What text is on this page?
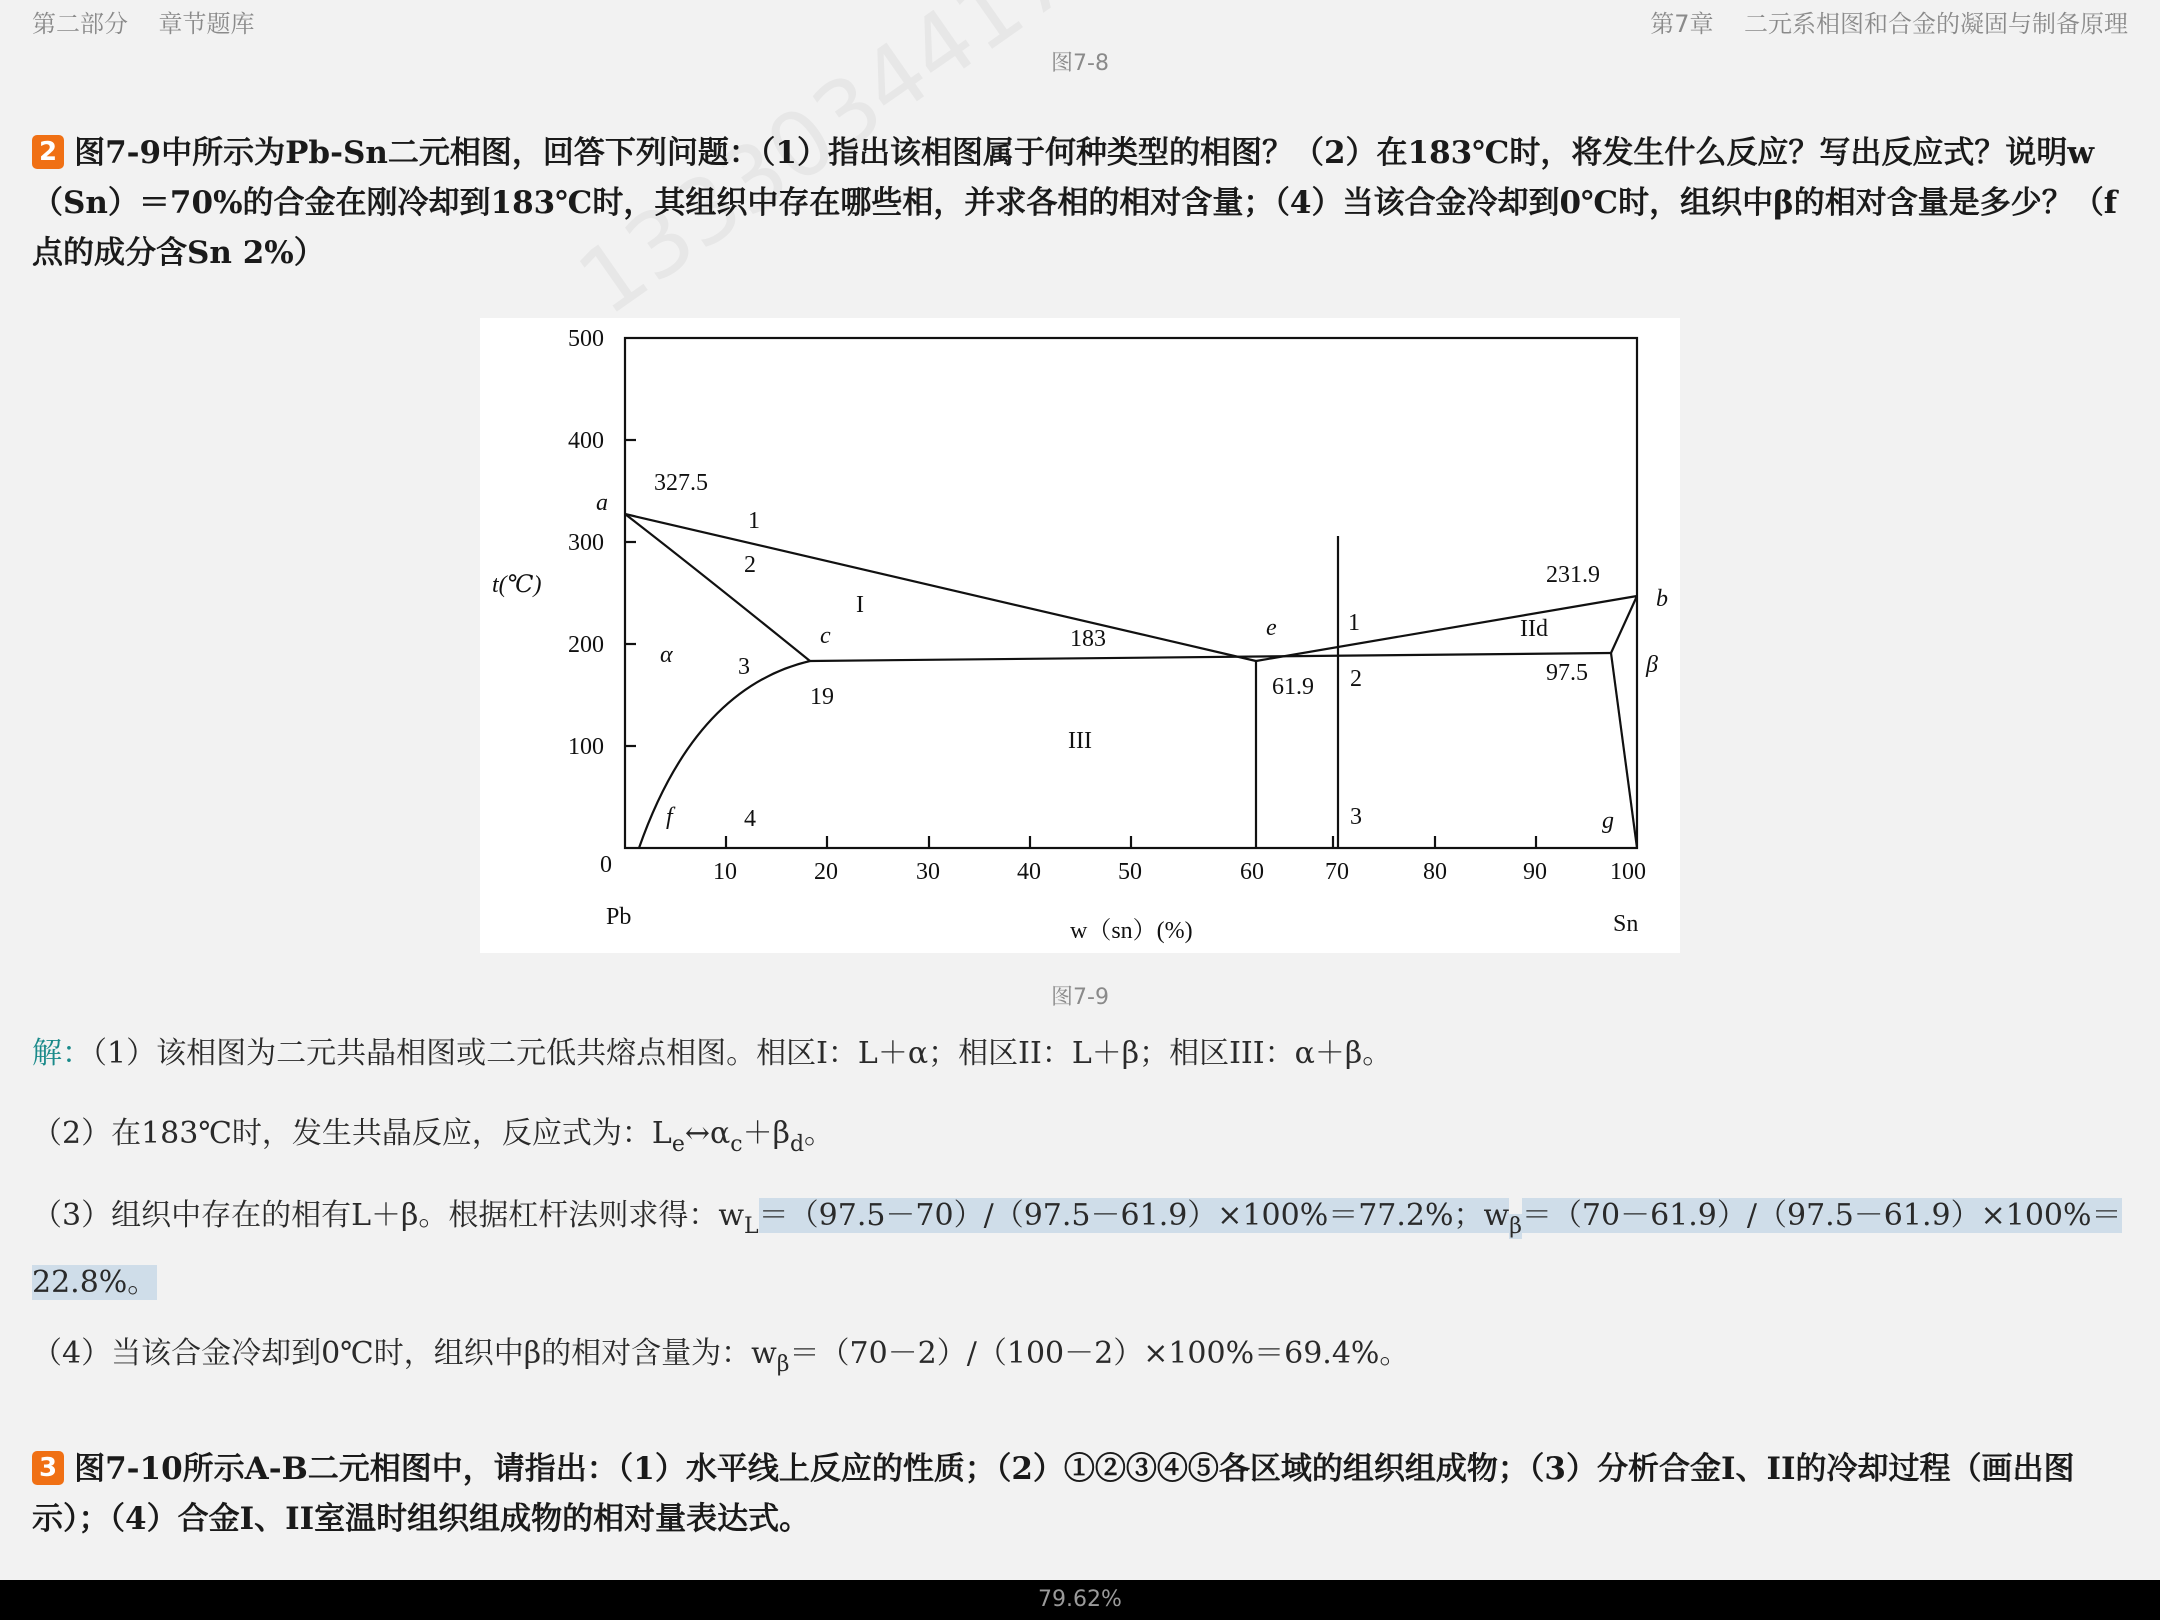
第二部分    章节题库	第7章    二元系相图和合金的凝固与制备原理
图7-8
2 图7-9中所示为Pb-Sn二元相图，回答下列问题：（1）指出该相图属于何种类型的相图？（2）在183℃时，将发生什么反应？写出反应式？说明w（Sn）＝70%的合金在刚冷却到183℃时，其组织中存在哪些相，并求各相的相对含量；（4）当该合金冷却到0℃时，组织中β的相对含量是多少？（f点的成分含Sn 2%）
500
400
300
200
100
0	10	20	30	40	50	60	70	80	90	100
t(℃)
w（sn）(%)
Pb	Sn
a
b
c	e
f	g
327.5
231.9
183
19	61.9
97.5
α	β
I
IId
III
1
2
3
4
1
2
3
图7-9
解：（1）该相图为二元共晶相图或二元低共熔点相图。相区I：L＋α；相区II：L＋β；相区III：α＋β。
（2）在183℃时，发生共晶反应，反应式为：$L_e\leftrightarrow\alpha_c+\beta_d$。
（3）组织中存在的相有L＋β。根据杠杆法则求得：$w_L=(97.5-70)/(97.5-61.9)\times 100\%=77.2\%$；$w_\beta=(70-61.9)/(97.5-61.9)\times 100\%=22.8\%$。
（4）当该合金冷却到0℃时，组织中β的相对含量为：$w_\beta=(70-2)/(100-2)\times 100\%=69.4\%$。
3 图7-10所示A-B二元相图中，请指出：（1）水平线上反应的性质；（2）①②③④⑤各区域的组织组成物；（3）分析合金I、II的冷却过程（画出图示）；（4）合金I、II室温时组织组成物的相对量表达式。
79.62%
